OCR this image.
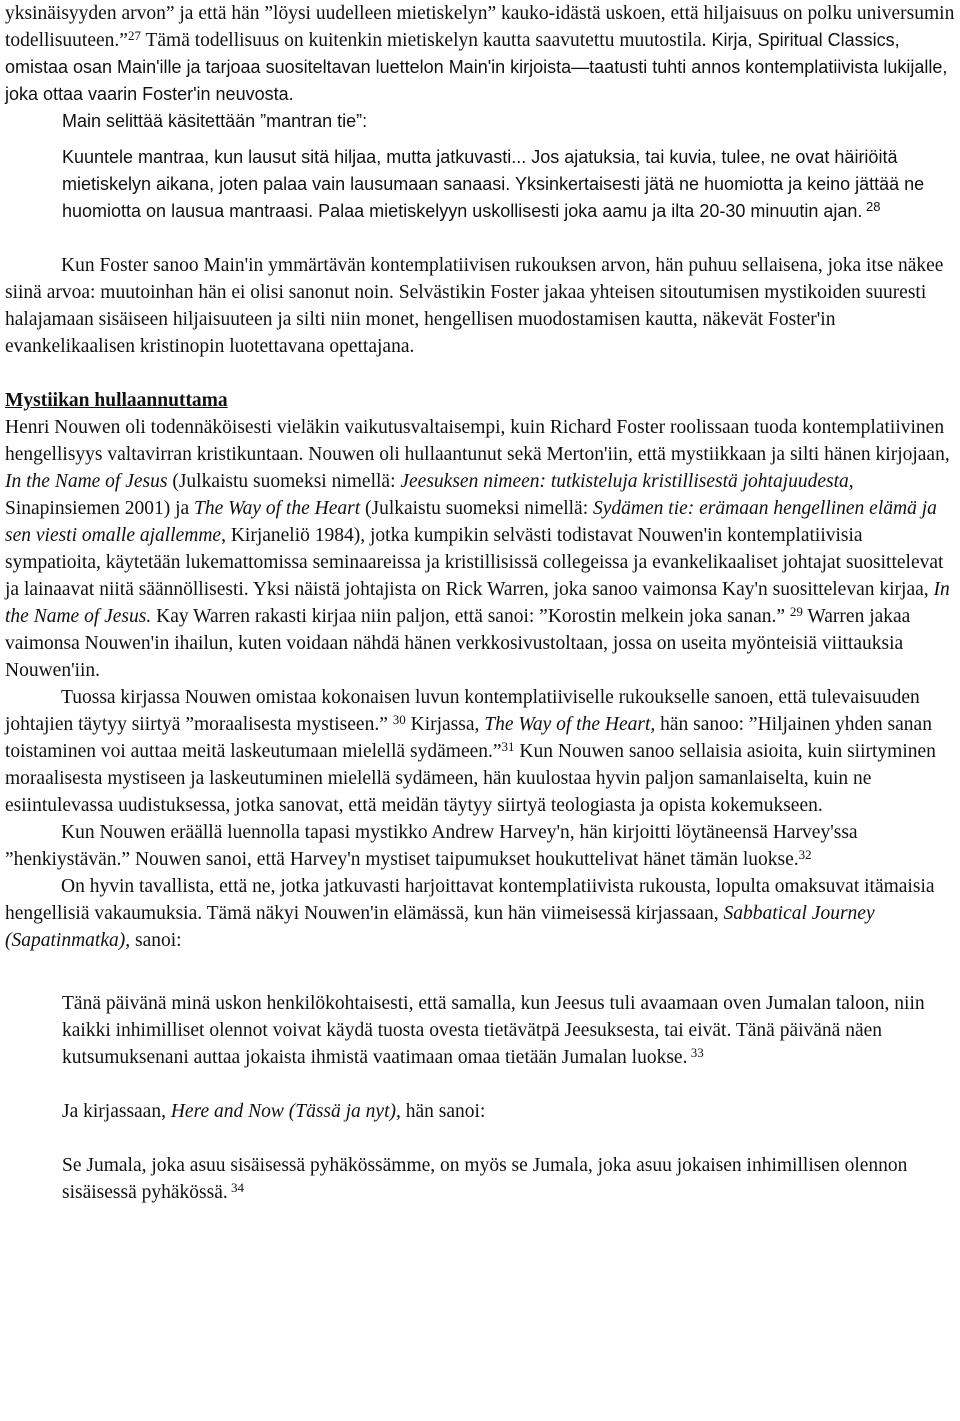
yksinäisyyden arvon” ja että hän ”löysi uudelleen mietiskelyn” kauko-idästä uskoen, että hiljaisuus on polku universumin todellisuuteen.”$^{27}$ Tämä todellisuus on kuitenkin mietiskelyn kautta saavutettu muutostila. Kirja, Spiritual Classics, omistaa osan Main'ille ja tarjoaa suositeltavan luettelon Main'in kirjoista—taatusti tuhti annos kontemplatiivista lukijalle, joka ottaa vaarin Foster'in neuvosta.

Main selittää käsitettään ”mantran tie”:

Kuuntele mantraa, kun lausut sitä hiljaa, mutta jatkuvasti... Jos ajatuksia, tai kuvia, tulee, ne ovat häiriöitä mietiskelyn aikana, joten palaa vain lausumaan sanaasi. Yksinkertaisesti jätä ne huomiotta ja keino jättää ne huomiotta on lausua mantraasi. Palaa mietiskelyyn uskollisesti joka aamu ja ilta 20-30 minuutin ajan. $^{28}$

Kun Foster sanoo Main'in ymmärtävän kontemplatiivisen rukouksen arvon, hän puhuu sellaisena, joka itse näkee siinä arvoa: muutoinhan hän ei olisi sanonut noin. Selvästikin Foster jakaa yhteisen sitoutumisen mystikoiden suuresti halajamaan sisäiseen hiljaisuuteen ja silti niin monet, hengellisen muodostamisen kautta, näkevät Foster'in evankelikaalisen kristinopin luotettavana opettajana.

Mystiikan hullaannuttama

Henri Nouwen oli todennäköisesti vieläkin vaikutusvaltaisempi, kuin Richard Foster roolissaan tuoda kontemplatiivinen hengellisyys valtavirran kristikuntaan. Nouwen oli hullaantunut sekä Merton'iin, että mystiikkaan ja silti hänen kirjojaan, In the Name of Jesus (Julkaistu suomeksi nimellä: Jeesuksen nimeen: tutkisteluja kristillisestä johtajuudesta, Sinapinsiemen 2001) ja The Way of the Heart (Julkaistu suomeksi nimellä: Sydämen tie: erämaan hengellinen elämä ja sen viesti omalle ajallemme, Kirjaneliö 1984), jotka kumpikin selvästi todistavat Nouwen'in kontemplatiivisia sympatioita, käytetään lukemattomissa seminaareissa ja kristillisissä collegeissa ja evankelikaaliset johtajat suosittelevat ja lainaavat niitä säännöllisesti. Yksi näistä johtajista on Rick Warren, joka sanoo vaimonsa Kay'n suosittelevan kirjaa, In the Name of Jesus. Kay Warren rakasti kirjaa niin paljon, että sanoi: ”Korostin melkein joka sanan.” $^{29}$ Warren jakaa vaimonsa Nouwen'in ihailun, kuten voidaan nähdä hänen verkkosivustoltaan, jossa on useita myönteisiä viittauksia Nouwen'iin.

Tuossa kirjassa Nouwen omistaa kokonaisen luvun kontemplatiiviselle rukoukselle sanoen, että tulevaisuuden johtajien täytyy siirtyä ”moraalisesta mystiseen.” $^{30}$ Kirjassa, The Way of the Heart, hän sanoo: ”Hiljainen yhden sanan toistaminen voi auttaa meitä laskeutumaan mielellä sydämeen.”$^{31}$ Kun Nouwen sanoo sellaisia asioita, kuin siirtyminen moraalisesta mystiseen ja laskeutuminen mielellä sydämeen, hän kuulostaa hyvin paljon samanlaiselta, kuin ne esiintulevassa uudistuksessa, jotka sanovat, että meidän täytyy siirtyä teologiasta ja opista kokemukseen.

Kun Nouwen eräällä luennolla tapasi mystikko Andrew Harvey'n, hän kirjoitti löytäneensä Harvey'ssa ”henkiystävän.” Nouwen sanoi, että Harvey'n mystiset taipumukset houkuttelivat hänet tämän luokse.$^{32}$

On hyvin tavallista, että ne, jotka jatkuvasti harjoittavat kontemplatiivista rukousta, lopulta omaksuvat itämaisia hengellisiä vakaumuksia. Tämä näkyi Nouwen'in elämässä, kun hän viimeisessä kirjassaan, Sabbatical Journey (Sapatinmatka), sanoi:

Tänä päivänä minä uskon henkilökohtaisesti, että samalla, kun Jeesus tuli avaamaan oven Jumalan taloon, niin kaikki inhimilliset olennot voivat käydä tuosta ovesta tietävätpä Jeesuksesta, tai eivät. Tänä päivänä näen kutsumuksenani auttaa jokaista ihmistä vaatimaan omaa tietään Jumalan luokse. $^{33}$

Ja kirjassaan, Here and Now (Tässä ja nyt), hän sanoi:

Se Jumala, joka asuu sisäisessä pyhäkössämme, on myös se Jumala, joka asuu jokaisen inhimillisen olennon sisäisessä pyhäkössä. $^{34}$
